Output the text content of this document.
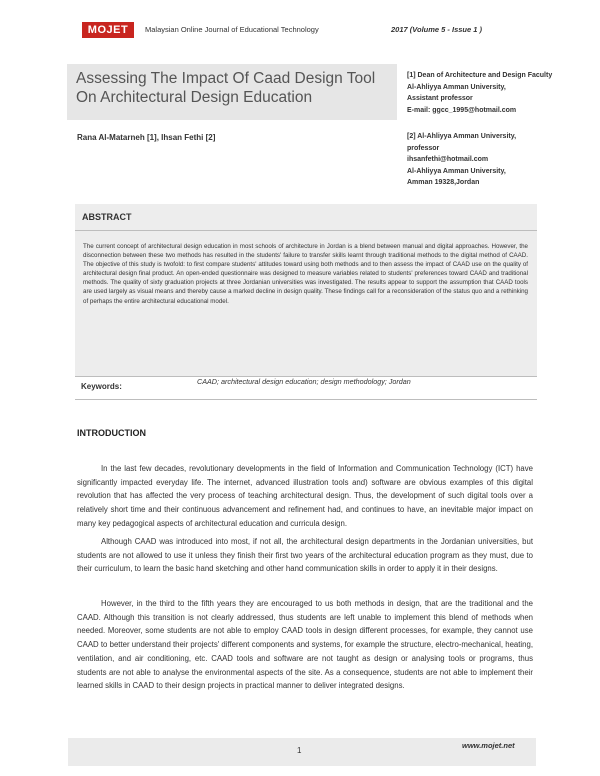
MOJET	Malaysian Online Journal of Educational Technology	2017 (Volume 5 - Issue 1 )
Assessing The Impact Of Caad Design Tool On Architectural Design Education
Rana Al-Matarneh [1], Ihsan Fethi [2]
[1] Dean of Architecture and Design Faculty
Al-Ahliyya Amman University,
Assistant professor
E-mail: ggcc_1995@hotmail.com
[2] Al-Ahliyya Amman University,
professor
ihsanfethi@hotmail.com
Al-Ahliyya Amman University,
Amman 19328,Jordan
ABSTRACT
The current concept of architectural design education in most schools of architecture in Jordan is a blend between manual and digital approaches. However, the disconnection between these two methods has resulted in the students' failure to transfer skills learnt through traditional methods to the digital method of CAAD. The objective of this study is twofold: to first compare students' attitudes toward using both methods and to then assess the impact of CAAD use on the quality of architectural design final product. An open-ended questionnaire was designed to measure variables related to students' preferences toward CAAD and traditional methods. The quality of sixty graduation projects at three Jordanian universities was investigated. The results appear to support the assumption that CAAD tools are used largely as visual means and thereby cause a marked decline in design quality. These findings call for a reconsideration of the status quo and a rethinking of perhaps the entire architectural educational model.
Keywords:
CAAD; architectural design education; design methodology; Jordan
INTRODUCTION
In the last few decades, revolutionary developments in the field of Information and Communication Technology (ICT) have significantly impacted everyday life. The internet, advanced illustration tools and) software are obvious examples of this digital revolution that has affected the very process of teaching architectural design. Thus, the development of such digital tools over a relatively short time and their continuous advancement and refinement had, and continues to have, an inevitable major impact on many key pedagogical aspects of architectural education and curricula design.
Although CAAD was introduced into most, if not all, the architectural design departments in the Jordanian universities, but students are not allowed to use it unless they finish their first two years of the architectural education program as they must, due to their curriculum, to learn the basic hand sketching and other hand communication skills in order to apply it in their designs.
However, in the third to the fifth years they are encouraged to us both methods in design, that are the traditional and the CAAD. Although this transition is not clearly addressed, thus students are left unable to implement this blend of methods when needed. Moreover, some students are not able to employ CAAD tools in design different processes, for example, they cannot use CAAD to better understand their projects' different components and systems, for example the structure, electro-mechanical, heating, ventilation, and air conditioning, etc. CAAD tools and software are not taught as design or analysing tools or programs, thus students are not able to analyse the environmental aspects of the site. As a consequence, students are not able to implement their learned skills in CAAD to their design projects in practical manner to deliver integrated designs.
1
www.mojet.net
